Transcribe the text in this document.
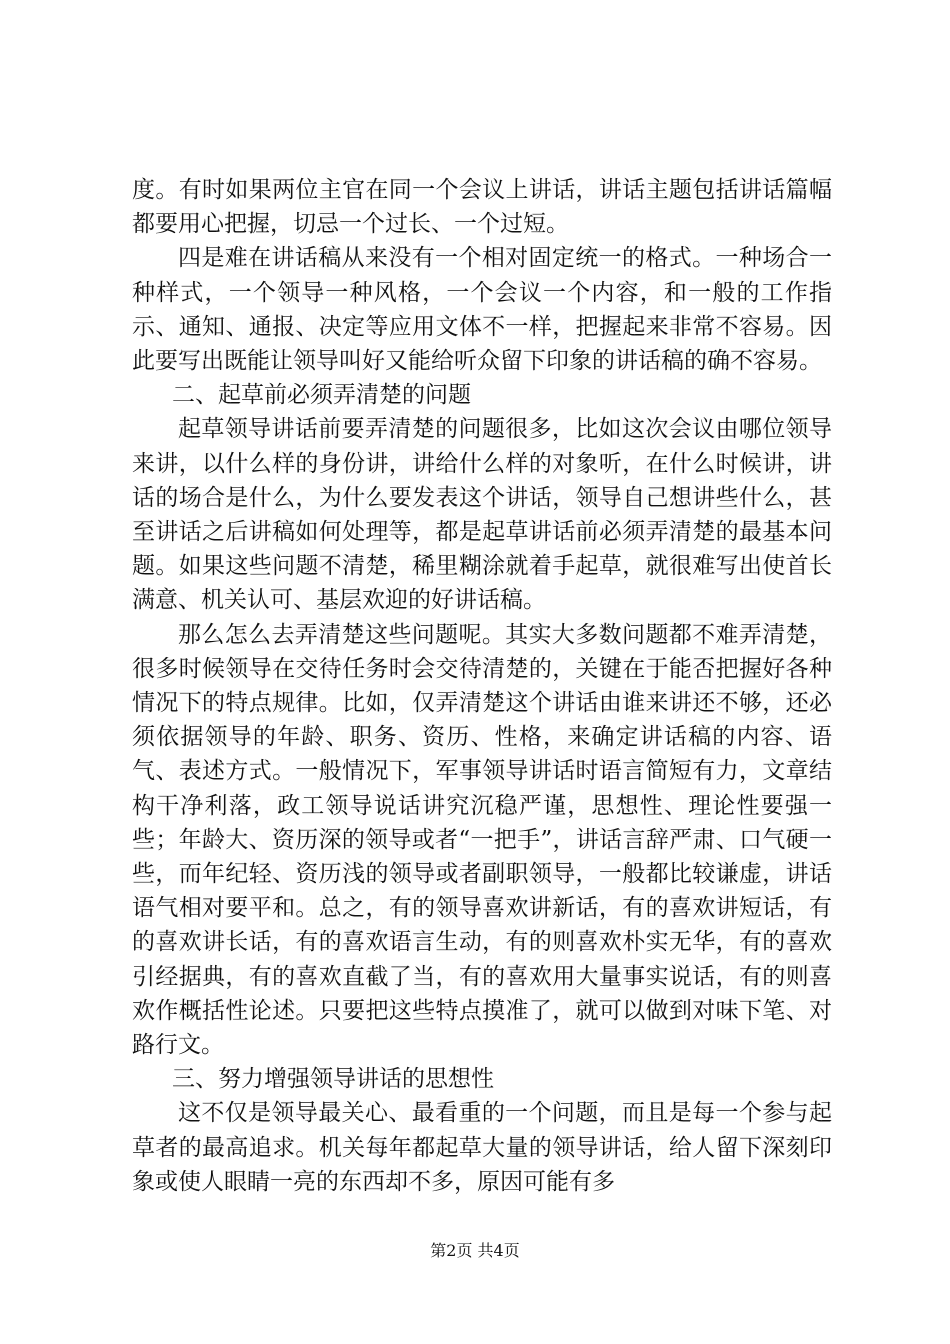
度。有时如果两位主官在同一个会议上讲话，讲话主题包括讲话篇幅都要用心把握，切忌一个过长、一个过短。

四是难在讲话稿从来没有一个相对固定统一的格式。一种场合一种样式，一个领导一种风格，一个会议一个内容，和一般的工作指示、通知、通报、决定等应用文体不一样，把握起来非常不容易。因此要写出既能让领导叫好又能给听众留下印象的讲话稿的确不容易。

二、起草前必须弄清楚的问题

起草领导讲话前要弄清楚的问题很多，比如这次会议由哪位领导来讲，以什么样的身份讲，讲给什么样的对象听，在什么时候讲，讲话的场合是什么，为什么要发表这个讲话，领导自己想讲些什么，甚至讲话之后讲稿如何处理等，都是起草讲话前必须弄清楚的最基本问题。如果这些问题不清楚，稀里糊涂就着手起草，就很难写出使首长满意、机关认可、基层欢迎的好讲话稿。

那么怎么去弄清楚这些问题呢。其实大多数问题都不难弄清楚，很多时候领导在交待任务时会交待清楚的，关键在于能否把握好各种情况下的特点规律。比如，仅弄清楚这个讲话由谁来讲还不够，还必须依据领导的年龄、职务、资历、性格，来确定讲话稿的内容、语气、表述方式。一般情况下，军事领导讲话时语言简短有力，文章结构干净利落，政工领导说话讲究沉稳严谨，思想性、理论性要强一些；年龄大、资历深的领导或者“一把手”，讲话言辞严肃、口气硬一些，而年纪轻、资历浅的领导或者副职领导，一般都比较谦虚，讲话语气相对要平和。总之，有的领导喜欢讲新话，有的喜欢讲短话，有的喜欢讲长话，有的喜欢语言生动，有的则喜欢朴实无华，有的喜欢引经据典，有的喜欢直截了当，有的喜欢用大量事实说话，有的则喜欢作概括性论述。只要把这些特点摸准了，就可以做到对味下笔、对路行文。

三、努力增强领导讲话的思想性

这不仅是领导最关心、最看重的一个问题，而且是每一个参与起草者的最高追求。机关每年都起草大量的领导讲话，给人留下深刻印象或使人眼睛一亮的东西却不多，原因可能有多

第2页 共4页
